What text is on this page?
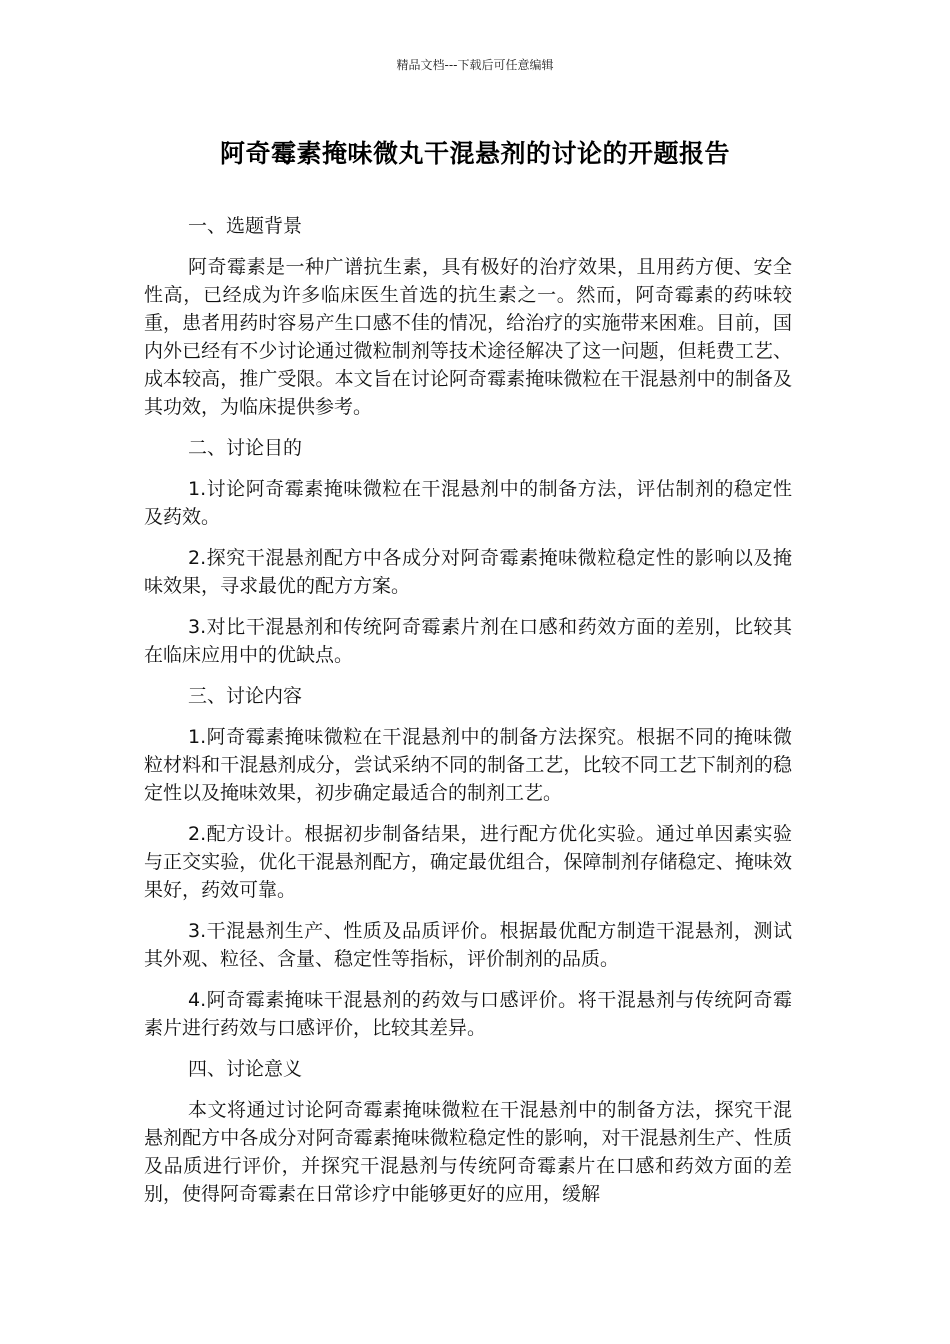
精品文档---下载后可任意编辑
阿奇霉素掩味微丸干混悬剂的讨论的开题报告

一、选题背景

阿奇霉素是一种广谱抗生素，具有极好的治疗效果，且用药方便、安全性高，已经成为许多临床医生首选的抗生素之一。然而，阿奇霉素的药味较重，患者用药时容易产生口感不佳的情况，给治疗的实施带来困难。目前，国内外已经有不少讨论通过微粒制剂等技术途径解决了这一问题，但耗费工艺、成本较高，推广受限。本文旨在讨论阿奇霉素掩味微粒在干混悬剂中的制备及其功效，为临床提供参考。

二、讨论目的

1.讨论阿奇霉素掩味微粒在干混悬剂中的制备方法，评估制剂的稳定性及药效。

2.探究干混悬剂配方中各成分对阿奇霉素掩味微粒稳定性的影响以及掩味效果，寻求最优的配方方案。

3.对比干混悬剂和传统阿奇霉素片剂在口感和药效方面的差别，比较其在临床应用中的优缺点。

三、讨论内容

1.阿奇霉素掩味微粒在干混悬剂中的制备方法探究。根据不同的掩味微粒材料和干混悬剂成分，尝试采纳不同的制备工艺，比较不同工艺下制剂的稳定性以及掩味效果，初步确定最适合的制剂工艺。

2.配方设计。根据初步制备结果，进行配方优化实验。通过单因素实验与正交实验，优化干混悬剂配方，确定最优组合，保障制剂存储稳定、掩味效果好，药效可靠。

3.干混悬剂生产、性质及品质评价。根据最优配方制造干混悬剂，测试其外观、粒径、含量、稳定性等指标，评价制剂的品质。

4.阿奇霉素掩味干混悬剂的药效与口感评价。将干混悬剂与传统阿奇霉素片进行药效与口感评价，比较其差异。

四、讨论意义

本文将通过讨论阿奇霉素掩味微粒在干混悬剂中的制备方法，探究干混悬剂配方中各成分对阿奇霉素掩味微粒稳定性的影响，对干混悬剂生产、性质及品质进行评价，并探究干混悬剂与传统阿奇霉素片在口感和药效方面的差别，使得阿奇霉素在日常诊疗中能够更好的应用，缓解
